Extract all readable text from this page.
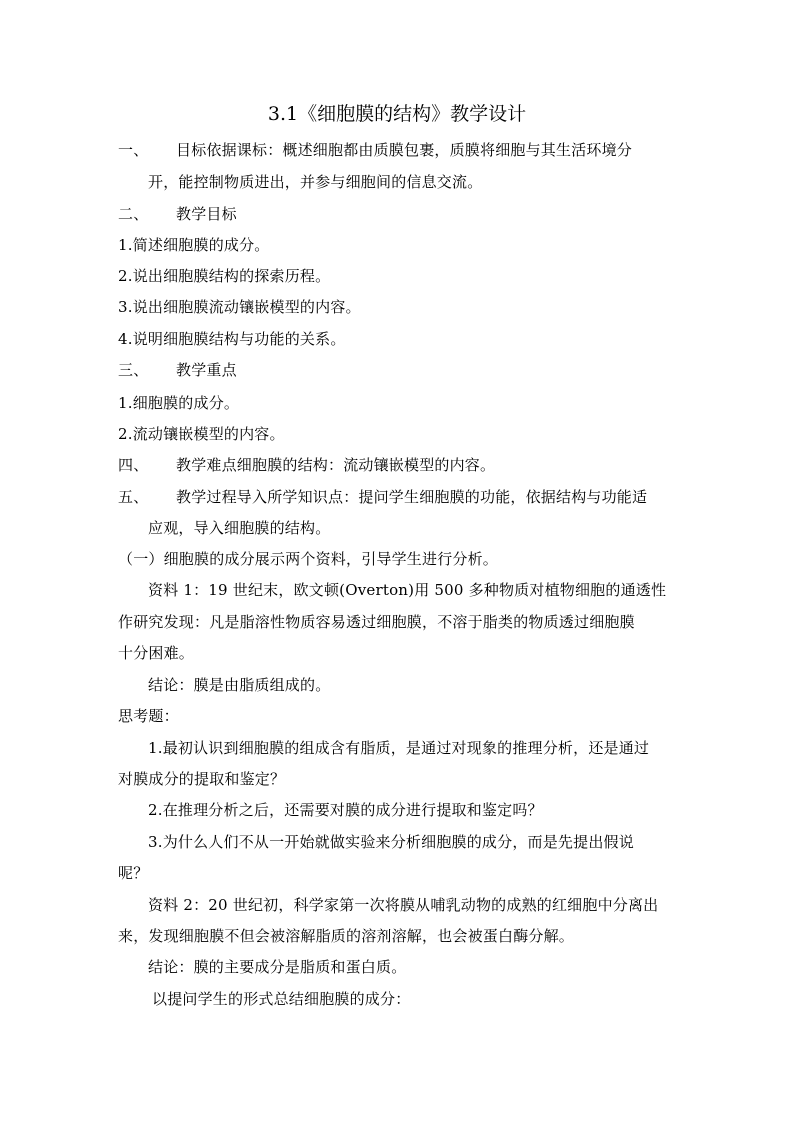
3.1《细胞膜的结构》教学设计
一、 目标依据课标：概述细胞都由质膜包裹，质膜将细胞与其生活环境分
开，能控制物质进出，并参与细胞间的信息交流。
二、 教学目标
1.简述细胞膜的成分。
2.说出细胞膜结构的探索历程。
3.说出细胞膜流动镶嵌模型的内容。
4.说明细胞膜结构与功能的关系。
三、 教学重点
1.细胞膜的成分。
2.流动镶嵌模型的内容。
四、 教学难点细胞膜的结构：流动镶嵌模型的内容。
五、 教学过程导入所学知识点：提问学生细胞膜的功能，依据结构与功能适
应观，导入细胞膜的结构。
（一）细胞膜的成分展示两个资料，引导学生进行分析。
资料 1：19 世纪末，欧文顿(Overton)用 500 多种物质对植物细胞的通透性
作研究发现：凡是脂溶性物质容易透过细胞膜，不溶于脂类的物质透过细胞膜
十分困难。
结论：膜是由脂质组成的。
思考题：
1.最初认识到细胞膜的组成含有脂质，是通过对现象的推理分析，还是通过
对膜成分的提取和鉴定？
2.在推理分析之后，还需要对膜的成分进行提取和鉴定吗？
3.为什么人们不从一开始就做实验来分析细胞膜的成分，而是先提出假说
呢？
资料 2：20 世纪初，科学家第一次将膜从哺乳动物的成熟的红细胞中分离出
来，发现细胞膜不但会被溶解脂质的溶剂溶解，也会被蛋白酶分解。
结论：膜的主要成分是脂质和蛋白质。
以提问学生的形式总结细胞膜的成分：
